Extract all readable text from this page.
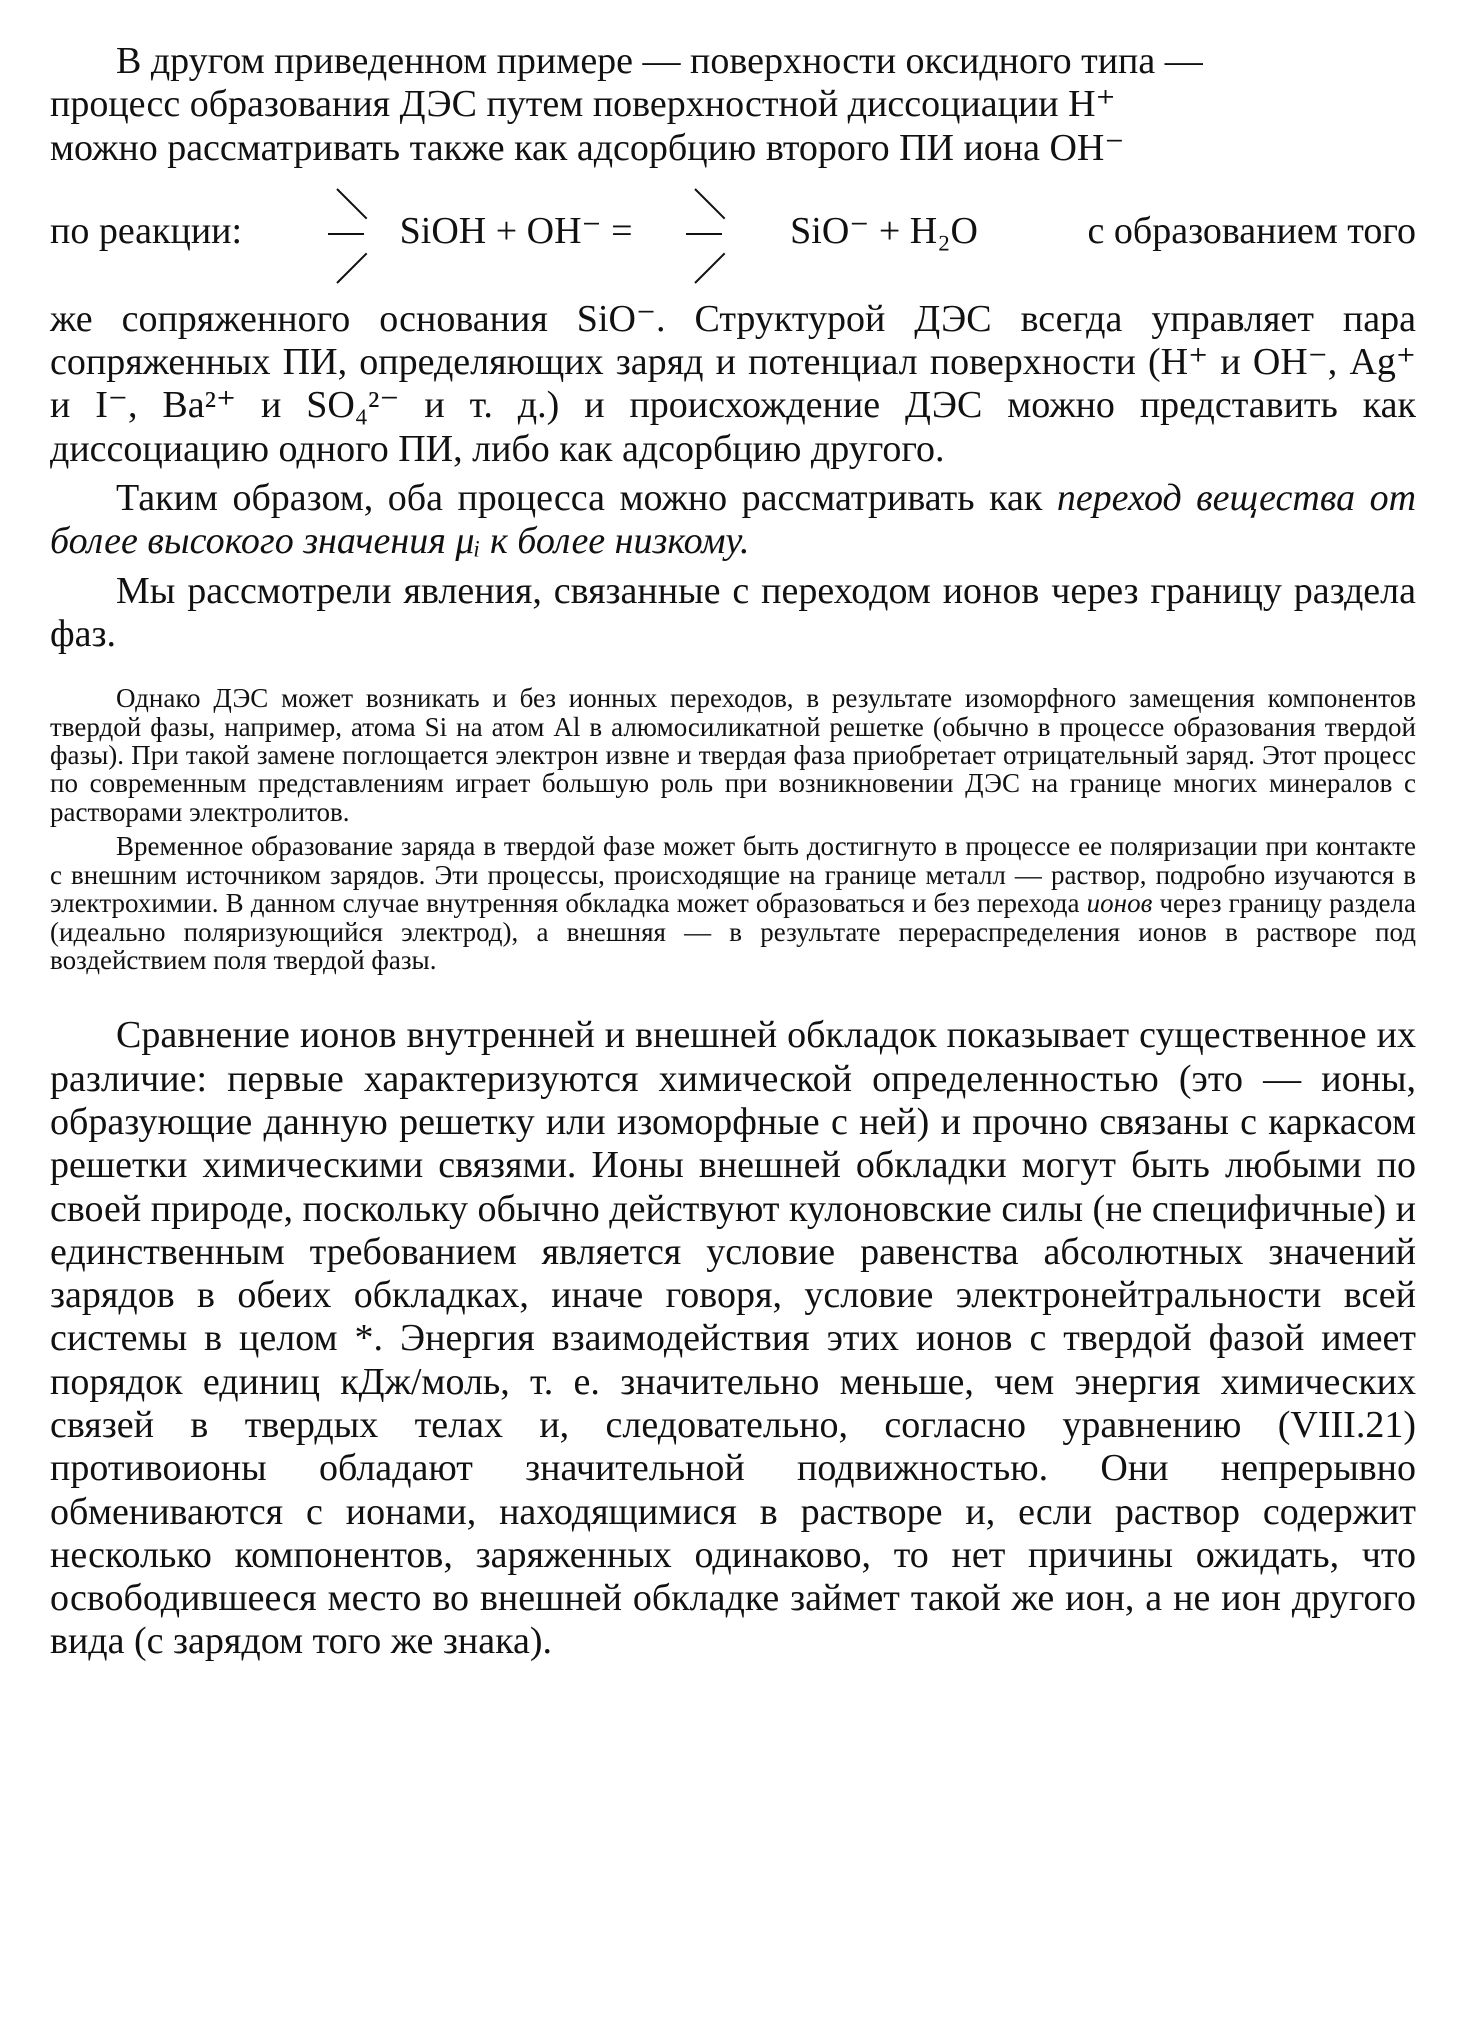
В другом приведенном примере — поверхности оксидного типа —

процесс образования ДЭС путем поверхностной диссоциации Н⁺

можно рассматривать также как адсорбцию второго ПИ иона ОН⁻

по реакции:	SiOH + OH⁻ =	SiO⁻ + H₂O	с образованием того

же сопряженного основания SiO⁻. Структурой ДЭС всегда управляет пара сопряженных ПИ, определяющих заряд и потенциал поверхности (Н⁺ и ОН⁻, Ag⁺ и I⁻, Ba²⁺ и SO₄²⁻ и т. д.) и происхождение ДЭС можно представить как диссоциацию одного ПИ, либо как адсорбцию другого.

Таким образом, оба процесса можно рассматривать как переход вещества от более высокого значения μᵢ к более низкому.

Мы рассмотрели явления, связанные с переходом ионов через границу раздела фаз.

Однако ДЭС может возникать и без ионных переходов, в результате изоморфного замещения компонентов твердой фазы, например, атома Si на атом Al в алюмосиликатной решетке (обычно в процессе образования твердой фазы). При такой замене поглощается электрон извне и твердая фаза приобретает отрицательный заряд. Этот процесс по современным представлениям играет большую роль при возникновении ДЭС на границе многих минералов с растворами электролитов.

Временное образование заряда в твердой фазе может быть достигнуто в процессе ее поляризации при контакте с внешним источником зарядов. Эти процессы, происходящие на границе металл — раствор, подробно изучаются в электрохимии. В данном случае внутренняя обкладка может образоваться и без перехода ионов через границу раздела (идеально поляризующийся электрод), а внешняя — в результате перераспределения ионов в растворе под воздействием поля твердой фазы.

Сравнение ионов внутренней и внешней обкладок показывает существенное их различие: первые характеризуются химической определенностью (это — ионы, образующие данную решетку или изоморфные с ней) и прочно связаны с каркасом решетки химическими связями. Ионы внешней обкладки могут быть любыми по своей природе, поскольку обычно действуют кулоновские силы (не специфичные) и единственным требованием является условие равенства абсолютных значений зарядов в обеих обкладках, иначе говоря, условие электронейтральности всей системы в целом *. Энергия взаимодействия этих ионов с твердой фазой имеет порядок единиц кДж/моль, т. е. значительно меньше, чем энергия химических связей в твердых телах и, следовательно, согласно уравнению (VIII.21) противоионы обладают значительной подвижностью. Они непрерывно обмениваются с ионами, находящимися в растворе и, если раствор содержит несколько компонентов, заряженных одинаково, то нет причины ожидать, что освободившееся место во внешней обкладке займет такой же ион, а не ион другого вида (с зарядом того же знака).
